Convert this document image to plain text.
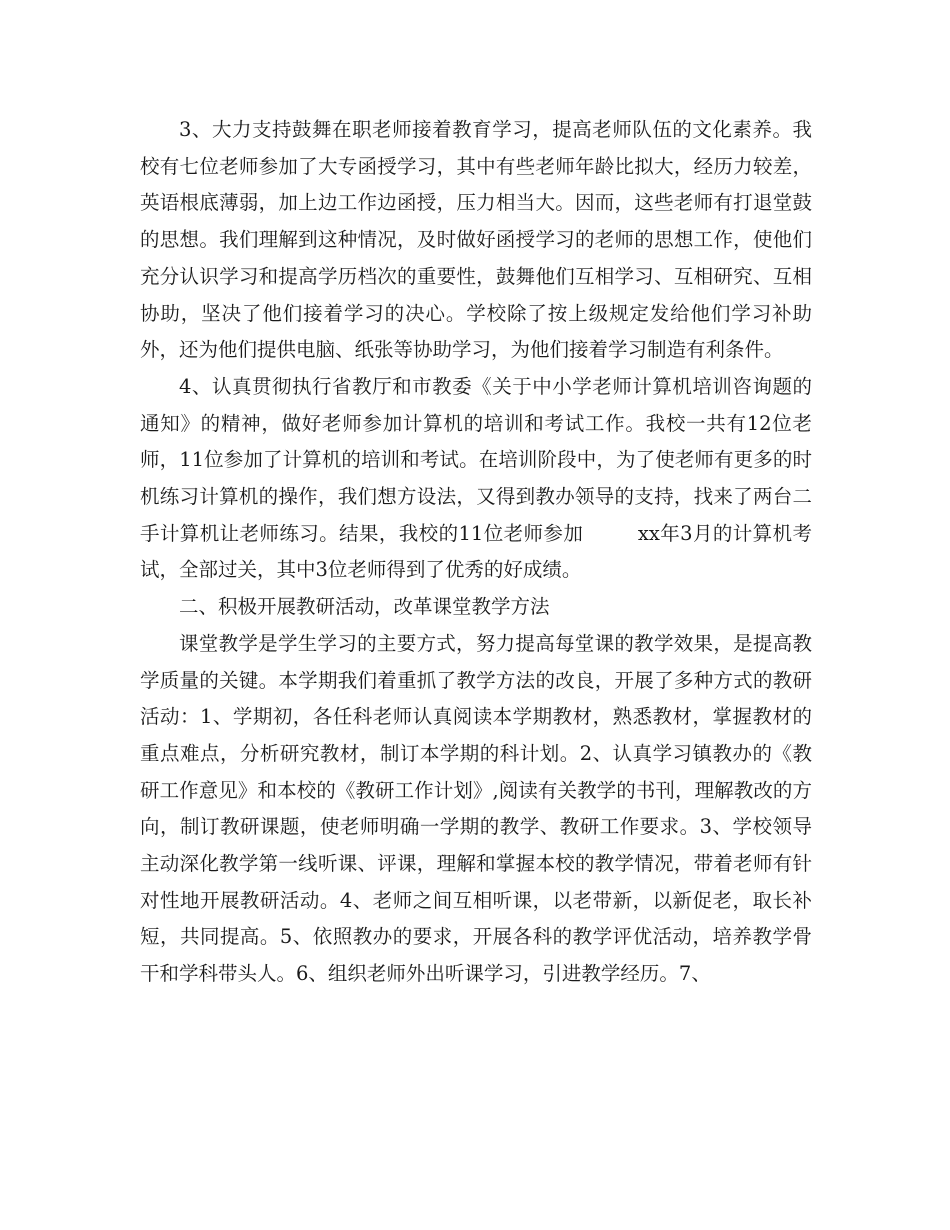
3、大力支持鼓舞在职老师接着教育学习，提高老师队伍的文化素养。我校有七位老师参加了大专函授学习，其中有些老师年龄比拟大，经历力较差，英语根底薄弱，加上边工作边函授，压力相当大。因而，这些老师有打退堂鼓的思想。我们理解到这种情况，及时做好函授学习的老师的思想工作，使他们充分认识学习和提高学历档次的重要性，鼓舞他们互相学习、互相研究、互相协助，坚决了他们接着学习的决心。学校除了按上级规定发给他们学习补助外，还为他们提供电脑、纸张等协助学习，为他们接着学习制造有利条件。

4、认真贯彻执行省教厅和市教委《关于中小学老师计算机培训咨询题的通知》的精神，做好老师参加计算机的培训和考试工作。我校一共有12位老师，11位参加了计算机的培训和考试。在培训阶段中，为了使老师有更多的时机练习计算机的操作，我们想方设法，又得到教办领导的支持，找来了两台二手计算机让老师练习。结果，我校的11位老师参加	xx年3月的计算机考试，全部过关，其中3位老师得到了优秀的好成绩。

二、积极开展教研活动，改革课堂教学方法

课堂教学是学生学习的主要方式，努力提高每堂课的教学效果，是提高教学质量的关键。本学期我们着重抓了教学方法的改良，开展了多种方式的教研活动：1、学期初，各任科老师认真阅读本学期教材，熟悉教材，掌握教材的重点难点，分析研究教材，制订本学期的科计划。2、认真学习镇教办的《教研工作意见》和本校的《教研工作计划》,阅读有关教学的书刊，理解教改的方向，制订教研课题，使老师明确一学期的教学、教研工作要求。3、学校领导主动深化教学第一线听课、评课，理解和掌握本校的教学情况，带着老师有针对性地开展教研活动。4、老师之间互相听课，以老带新，以新促老，取长补短，共同提高。5、依照教办的要求，开展各科的教学评优活动，培养教学骨干和学科带头人。6、组织老师外出听课学习，引进教学经历。7、
